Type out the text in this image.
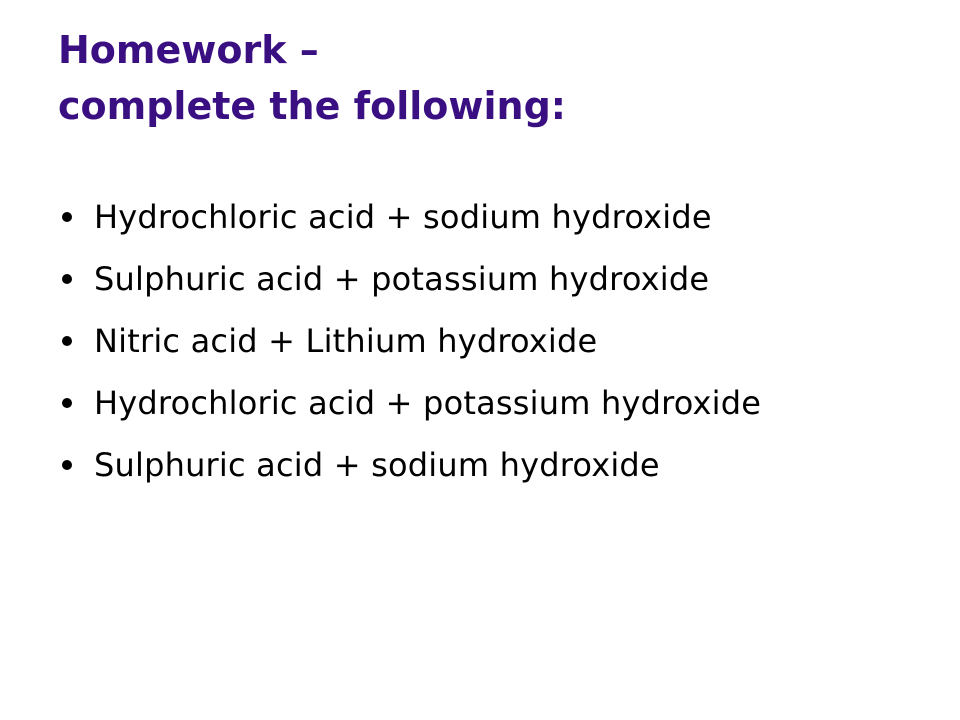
Homework –
complete the following:
Hydrochloric acid + sodium hydroxide
Sulphuric acid + potassium hydroxide
Nitric acid + Lithium hydroxide
Hydrochloric acid + potassium hydroxide
Sulphuric acid + sodium hydroxide
